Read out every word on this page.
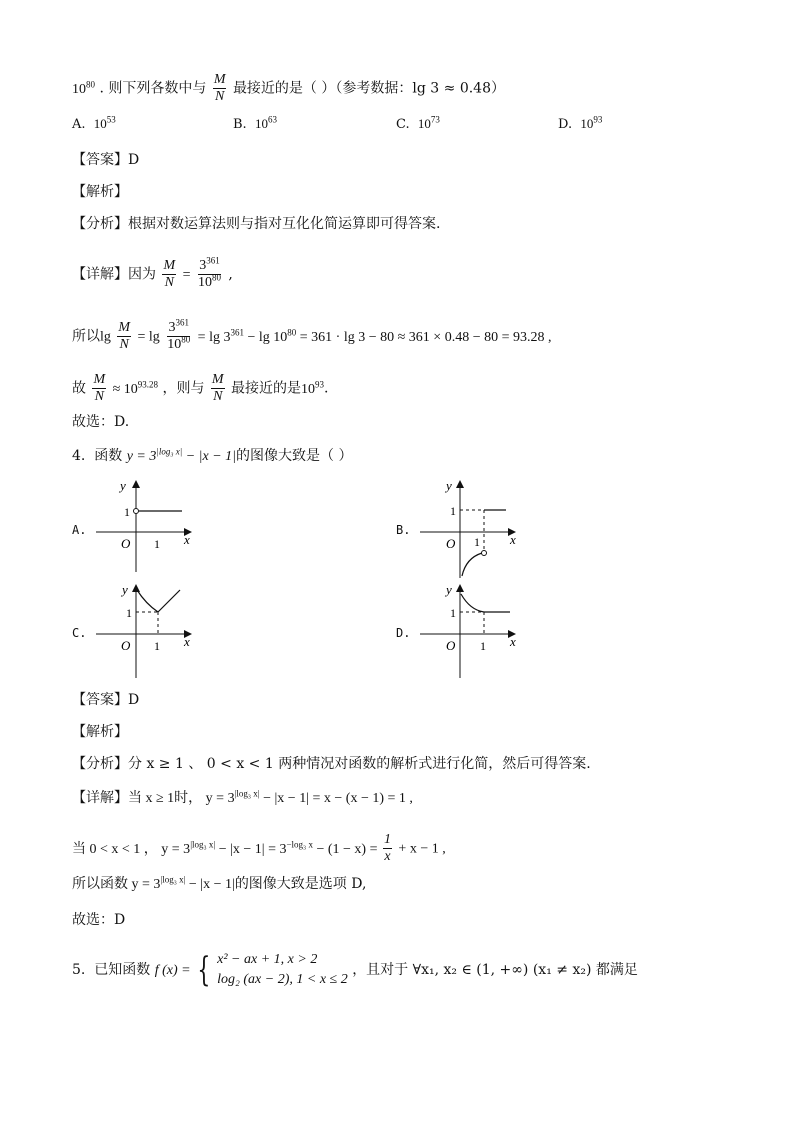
$10^{80}$ . 则下列各数中与 $\frac{M}{N}$ 最接近的是（ ）（参考数据：lg 3 ≈ 0.48）
A. $10^{53}$	B. $10^{63}$	C. $10^{73}$	D. $10^{93}$
【答案】D
【解析】
【分析】根据对数运算法则与指对互化化简运算即可得答案.
【详解】因为 $\frac{M}{N} = \frac{3^{361}}{10^{80}}$ ,
所以$\lg \frac{M}{N} = \lg \frac{3^{361}}{10^{80}} = \lg 3^{361} - \lg 10^{80} = 361 \cdot \lg 3 - 80 \approx 361 \times 0.48 - 80 = 93.28$ ,
故 $\frac{M}{N} \approx 10^{93.28}$ ，则与 $\frac{M}{N}$ 最接近的是$10^{93}$.
故选：D.
4. 函数 $y = 3^{|log_3 x|} - |x - 1|$的图像大致是（ ）
A.	B.
C.	D.
y
x
O
1
1
y
x
O
1
1
y
x
O
1
1
y
x
O
1
1
【答案】D
【解析】
【分析】分 x ≥ 1 、 0 < x < 1 两种情况对函数的解析式进行化简，然后可得答案.
【详解】当 x ≥ 1时， $y = 3^{|log_3 x|} - |x - 1| = x - (x - 1) = 1$ ,
当 0 < x < 1 ， $y = 3^{|log_3 x|} - |x - 1| = 3^{-log_3 x} - (1 - x) = \frac{1}{x} + x - 1$ ,
所以函数 $y = 3^{|log_3 x|} - |x - 1|$的图像大致是选项 D,
故选：D
5. 已知函数 f (x) = { x² − ax + 1, x > 2
log₂ (ax − 2), 1 < x ≤ 2
，且对于 ∀x₁, x₂ ∈ (1, +∞) (x₁ ≠ x₂) 都满足
